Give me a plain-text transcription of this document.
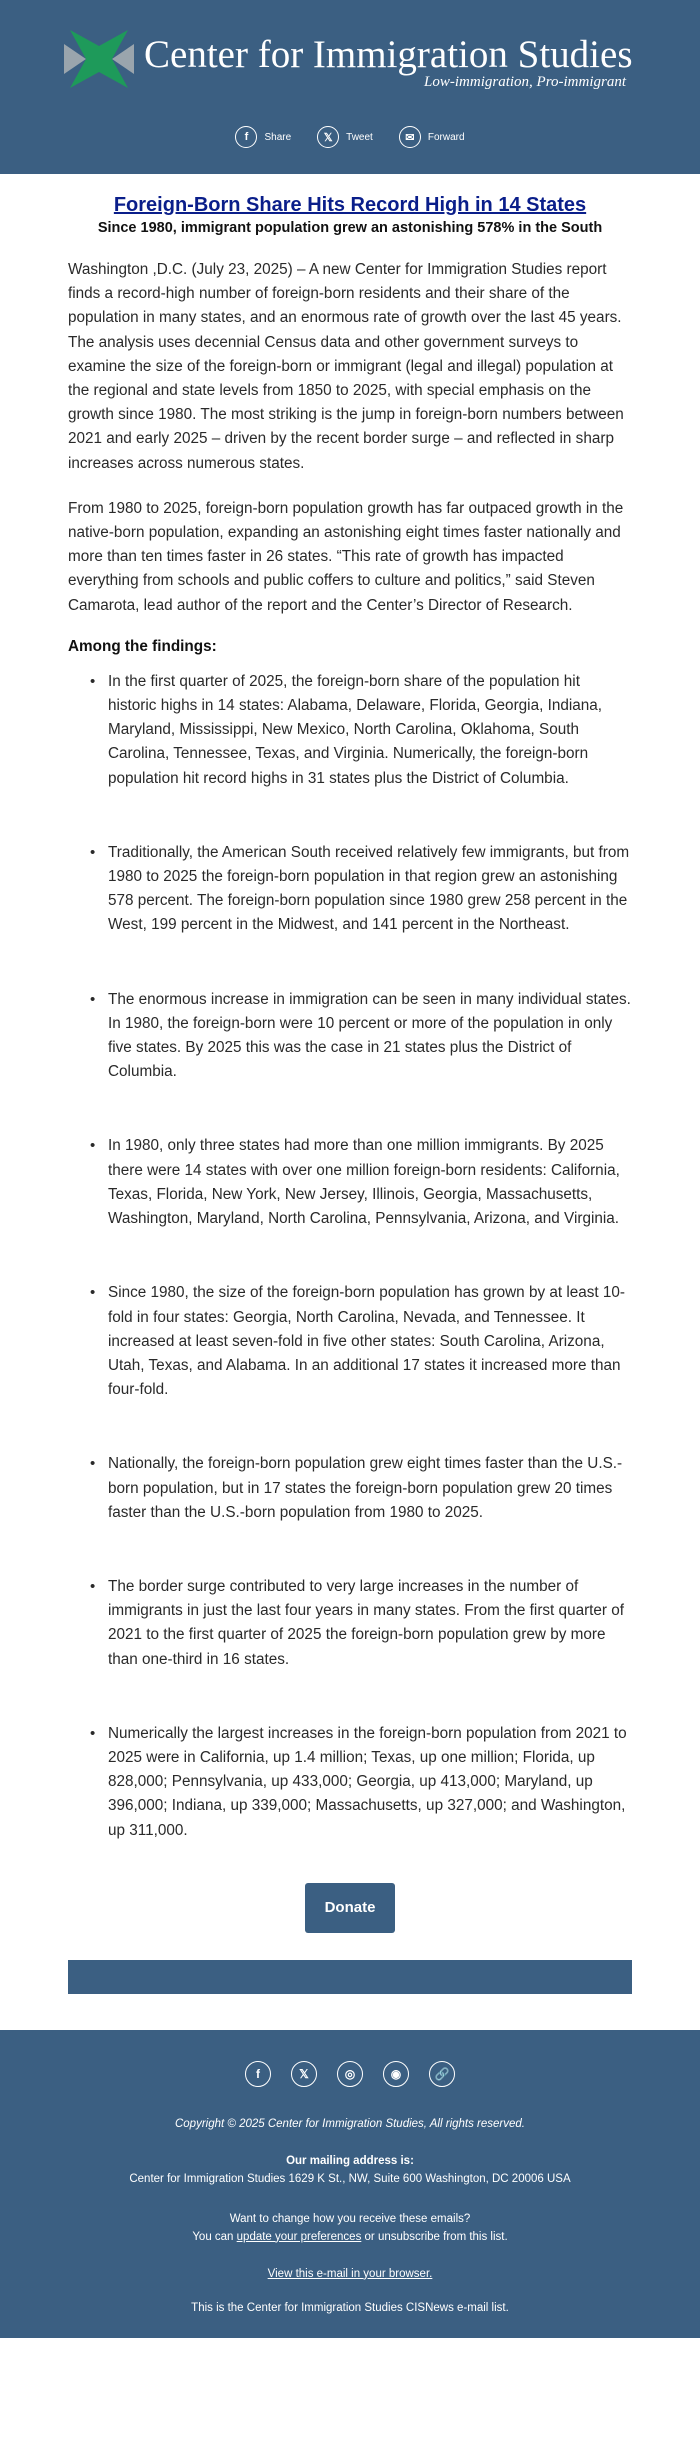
Center for Immigration Studies
Low-immigration, Pro-immigrant
f	Share	𝕏	Tweet	✉	Forward
Foreign-Born Share Hits Record High in 14 States
Since 1980, immigrant population grew an astonishing 578% in the South

Washington ,D.C. (July 23, 2025) – A new Center for Immigration Studies report finds a record-high number of foreign-born residents and their share of the population in many states, and an enormous rate of growth over the last 45 years. The analysis uses decennial Census data and other government surveys to examine the size of the foreign-born or immigrant (legal and illegal) population at the regional and state levels from 1850 to 2025, with special emphasis on the growth since 1980. The most striking is the jump in foreign-born numbers between 2021 and early 2025 – driven by the recent border surge – and reflected in sharp increases across numerous states.

From 1980 to 2025, foreign-born population growth has far outpaced growth in the native-born population, expanding an astonishing eight times faster nationally and more than ten times faster in 26 states. “This rate of growth has impacted everything from schools and public coffers to culture and politics,” said Steven Camarota, lead author of the report and the Center’s Director of Research.

Among the findings:
• In the first quarter of 2025, the foreign-born share of the population hit historic highs in 14 states: Alabama, Delaware, Florida, Georgia, Indiana, Maryland, Mississippi, New Mexico, North Carolina, Oklahoma, South Carolina, Tennessee, Texas, and Virginia. Numerically, the foreign-born population hit record highs in 31 states plus the District of Columbia.
• Traditionally, the American South received relatively few immigrants, but from 1980 to 2025 the foreign-born population in that region grew an astonishing 578 percent. The foreign-born population since 1980 grew 258 percent in the West, 199 percent in the Midwest, and 141 percent in the Northeast.
• The enormous increase in immigration can be seen in many individual states. In 1980, the foreign-born were 10 percent or more of the population in only five states. By 2025 this was the case in 21 states plus the District of Columbia.
• In 1980, only three states had more than one million immigrants. By 2025 there were 14 states with over one million foreign-born residents: California, Texas, Florida, New York, New Jersey, Illinois, Georgia, Massachusetts, Washington, Maryland, North Carolina, Pennsylvania, Arizona, and Virginia.
• Since 1980, the size of the foreign-born population has grown by at least 10-fold in four states: Georgia, North Carolina, Nevada, and Tennessee. It increased at least seven-fold in five other states: South Carolina, Arizona, Utah, Texas, and Alabama. In an additional 17 states it increased more than four-fold.
• Nationally, the foreign-born population grew eight times faster than the U.S.-born population, but in 17 states the foreign-born population grew 20 times faster than the U.S.-born population from 1980 to 2025.
• The border surge contributed to very large increases in the number of immigrants in just the last four years in many states. From the first quarter of 2021 to the first quarter of 2025 the foreign-born population grew by more than one-third in 16 states.
• Numerically the largest increases in the foreign-born population from 2021 to 2025 were in California, up 1.4 million; Texas, up one million; Florida, up 828,000; Pennsylvania, up 433,000; Georgia, up 413,000; Maryland, up 396,000; Indiana, up 339,000; Massachusetts, up 327,000; and Washington, up 311,000.
Donate
f	𝕏	◎	◉	🔗
Copyright © 2025 Center for Immigration Studies, All rights reserved.
Our mailing address is:
Center for Immigration Studies 1629 K St., NW, Suite 600 Washington, DC 20006 USA
Want to change how you receive these emails?
You can update your preferences or unsubscribe from this list.
View this e-mail in your browser.
This is the Center for Immigration Studies CISNews e-mail list.
